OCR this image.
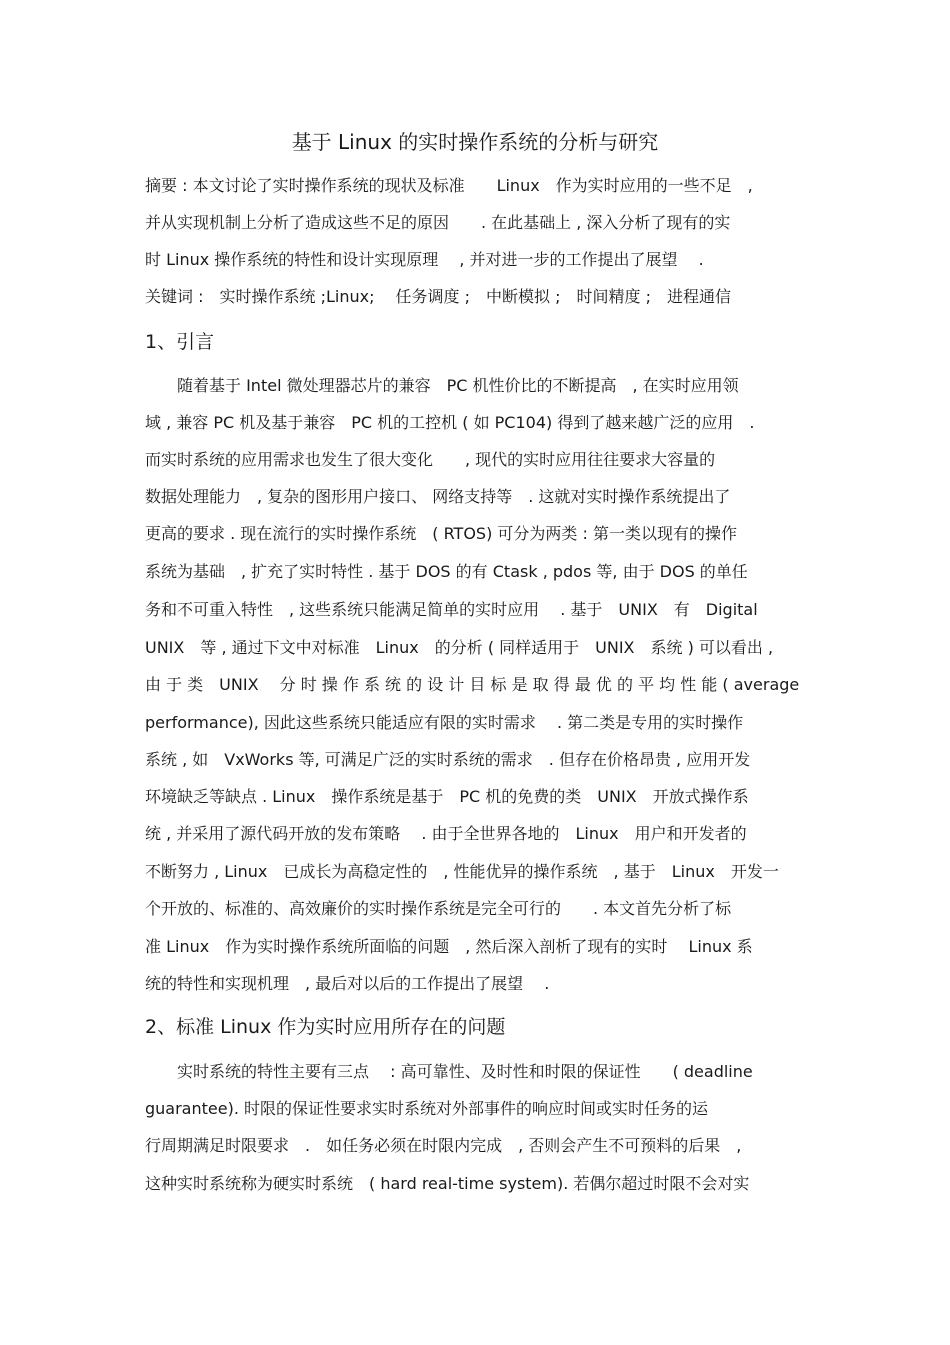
基于 Linux 的实时操作系统的分析与研究
摘要 : 本文讨论了实时操作系统的现状及标准　　Linux　作为实时应用的一些不足　,
并从实现机制上分析了造成这些不足的原因　　. 在此基础上 , 深入分析了现有的实
时 Linux 操作系统的特性和设计实现原理　 , 并对进一步的工作提出了展望　 .
关键词 :　实时操作系统 ;Linux;　 任务调度 ;　中断模拟 ;　时间精度 ;　进程通信
1、引言
　　随着基于 Intel 微处理器芯片的兼容　PC 机性价比的不断提高　, 在实时应用领
域 , 兼容 PC 机及基于兼容　PC 机的工控机 ( 如 PC104) 得到了越来越广泛的应用　.
而实时系统的应用需求也发生了很大变化　　, 现代的实时应用往往要求大容量的
数据处理能力　, 复杂的图形用户接口、 网络支持等　. 这就对实时操作系统提出了
更高的要求 . 现在流行的实时操作系统　( RTOS) 可分为两类 : 第一类以现有的操作
系统为基础　, 扩充了实时特性 . 基于 DOS 的有 Ctask , pdos 等, 由于 DOS 的单任
务和不可重入特性　, 这些系统只能满足简单的实时应用　 . 基于　UNIX　有　Digital
UNIX　等 , 通过下文中对标准　Linux　的分析 ( 同样适用于　UNIX　系统 ) 可以看出 ,
由 于 类　UNIX　 分 时 操 作 系 统 的 设 计 目 标 是 取 得 最 优 的 平 均 性 能 ( average
performance), 因此这些系统只能适应有限的实时需求　 . 第二类是专用的实时操作
系统 , 如　VxWorks 等, 可满足广泛的实时系统的需求　. 但存在价格昂贵 , 应用开发
环境缺乏等缺点 . Linux　操作系统是基于　PC 机的免费的类　UNIX　开放式操作系
统 , 并采用了源代码开放的发布策略　 . 由于全世界各地的　Linux　用户和开发者的
不断努力 , Linux　已成长为高稳定性的　, 性能优异的操作系统　, 基于　Linux　开发一
个开放的、标准的、高效廉价的实时操作系统是完全可行的　　. 本文首先分析了标
准 Linux　作为实时操作系统所面临的问题　, 然后深入剖析了现有的实时　 Linux 系
统的特性和实现机理　, 最后对以后的工作提出了展望　 .
2、标准 Linux 作为实时应用所存在的问题
　　实时系统的特性主要有三点　 : 高可靠性、及时性和时限的保证性　　( deadline
guarantee). 时限的保证性要求实时系统对外部事件的响应时间或实时任务的运
行周期满足时限要求　.　如任务必须在时限内完成　, 否则会产生不可预料的后果　,
这种实时系统称为硬实时系统　( hard real-time system). 若偶尔超过时限不会对实
